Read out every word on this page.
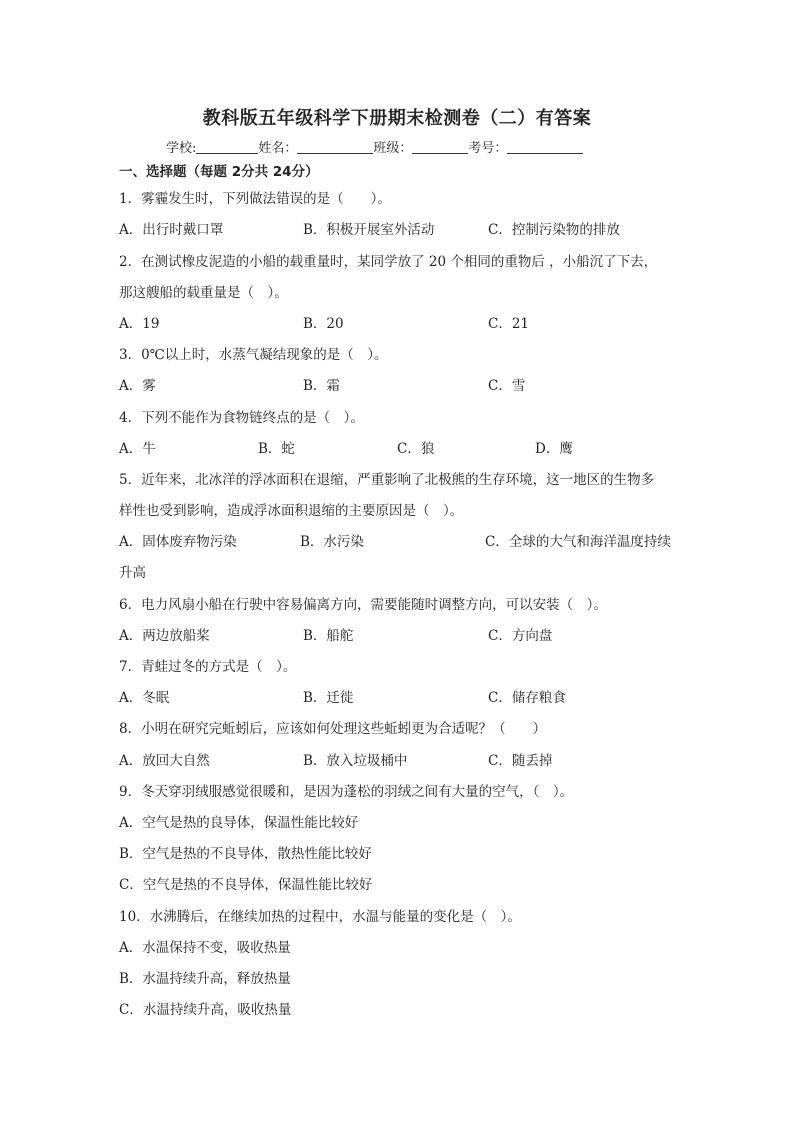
教科版五年级科学下册期末检测卷（二）有答案
学校:	姓名：	班级：	考号：
一、选择题（每题 2分共 24分）
1．雾霾发生时，下列做法错误的是（　　）。
A．出行时戴口罩	B．积极开展室外活动	C．控制污染物的排放
2．在测试橡皮泥造的小船的载重量时，某同学放了 20 个相同的重物后 ，小船沉了下去，
那这艘船的载重量是（　）。
A．19	B．20	C．21
3．0℃以上时，水蒸气凝结现象的是（　）。
A．雾	B．霜	C．雪
4．下列不能作为食物链终点的是（　）。
A．牛	B．蛇	C．狼	D．鹰
5．近年来，北冰洋的浮冰面积在退缩，严重影响了北极熊的生存环境，这一地区的生物多
样性也受到影响，造成浮冰面积退缩的主要原因是（　）。
A．固体废弃物污染	B．水污染	C．全球的大气和海洋温度持续
升高
6．电力风扇小船在行驶中容易偏离方向，需要能随时调整方向，可以安装（　）。
A．两边放船桨	B．船舵	C．方向盘
7．青蛙过冬的方式是（　）。
A．冬眠	B．迁徙	C．储存粮食
8．小明在研究完蚯蚓后，应该如何处理这些蚯蚓更为合适呢？（　　）
A．放回大自然	B．放入垃圾桶中	C．随丢掉
9．冬天穿羽绒服感觉很暖和，是因为蓬松的羽绒之间有大量的空气，（　）。
A．空气是热的良导体，保温性能比较好
B．空气是热的不良导体，散热性能比较好
C．空气是热的不良导体，保温性能比较好
10．水沸腾后，在继续加热的过程中，水温与能量的变化是（　）。
A．水温保持不变，吸收热量
B．水温持续升高，释放热量
C．水温持续升高，吸收热量
